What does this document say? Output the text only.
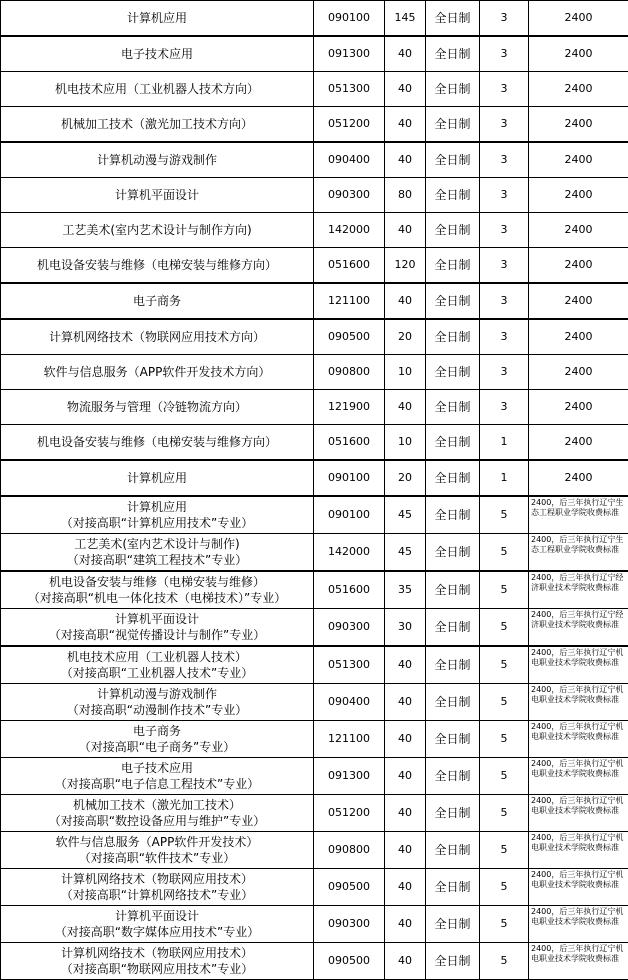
计算机应用	090100	145	全日制	3	2400

电子技术应用	091300	40	全日制	3	2400

机电技术应用（工业机器人技术方向）	051300	40	全日制	3	2400

机械加工技术（激光加工技术方向）	051200	40	全日制	3	2400

计算机动漫与游戏制作	090400	40	全日制	3	2400

计算机平面设计	090300	80	全日制	3	2400

工艺美术(室内艺术设计与制作方向)	142000	40	全日制	3	2400

机电设备安装与维修（电梯安装与维修方向）	051600	120	全日制	3	2400

电子商务	121100	40	全日制	3	2400

计算机网络技术（物联网应用技术方向）	090500	20	全日制	3	2400

软件与信息服务（APP软件开发技术方向）	090800	10	全日制	3	2400

物流服务与管理（冷链物流方向）	121900	40	全日制	3	2400

机电设备安装与维修（电梯安装与维修方向）	051600	10	全日制	1	2400

计算机应用	090100	20	全日制	1	2400

计算机应用
（对接高职“计算机应用技术”专业）	090100	45	全日制	5	2400，后三年执行辽宁生态工程职业学院收费标准

工艺美术(室内艺术设计与制作)
（对接高职“建筑工程技术”专业）	142000	45	全日制	5	2400，后三年执行辽宁生态工程职业学院收费标准

机电设备安装与维修（电梯安装与维修）
（对接高职“机电一体化技术（电梯技术）”专业）	051600	35	全日制	5	2400，后三年执行辽宁经济职业技术学院收费标准

计算机平面设计
（对接高职“视觉传播设计与制作”专业）	090300	30	全日制	5	2400，后三年执行辽宁经济职业技术学院收费标准

机电技术应用（工业机器人技术）
（对接高职“工业机器人技术”专业）	051300	40	全日制	5	2400，后三年执行辽宁机电职业技术学院收费标准

计算机动漫与游戏制作
（对接高职“动漫制作技术”专业）	090400	40	全日制	5	2400，后三年执行辽宁机电职业技术学院收费标准

电子商务
（对接高职“电子商务”专业）	121100	40	全日制	5	2400，后三年执行辽宁机电职业技术学院收费标准

电子技术应用
（对接高职“电子信息工程技术”专业）	091300	40	全日制	5	2400，后三年执行辽宁机电职业技术学院收费标准

机械加工技术（激光加工技术）
（对接高职“数控设备应用与维护”专业）	051200	40	全日制	5	2400，后三年执行辽宁机电职业技术学院收费标准

软件与信息服务（APP软件开发技术）
（对接高职“软件技术”专业）	090800	40	全日制	5	2400，后三年执行辽宁机电职业技术学院收费标准

计算机网络技术（物联网应用技术）
（对接高职“计算机网络技术”专业）	090500	40	全日制	5	2400，后三年执行辽宁机电职业技术学院收费标准

计算机平面设计
（对接高职“数字媒体应用技术”专业）	090300	40	全日制	5	2400，后三年执行辽宁机电职业技术学院收费标准

计算机网络技术（物联网应用技术）
（对接高职“物联网应用技术”专业）	090500	40	全日制	5	2400，后三年执行辽宁机电职业技术学院收费标准
